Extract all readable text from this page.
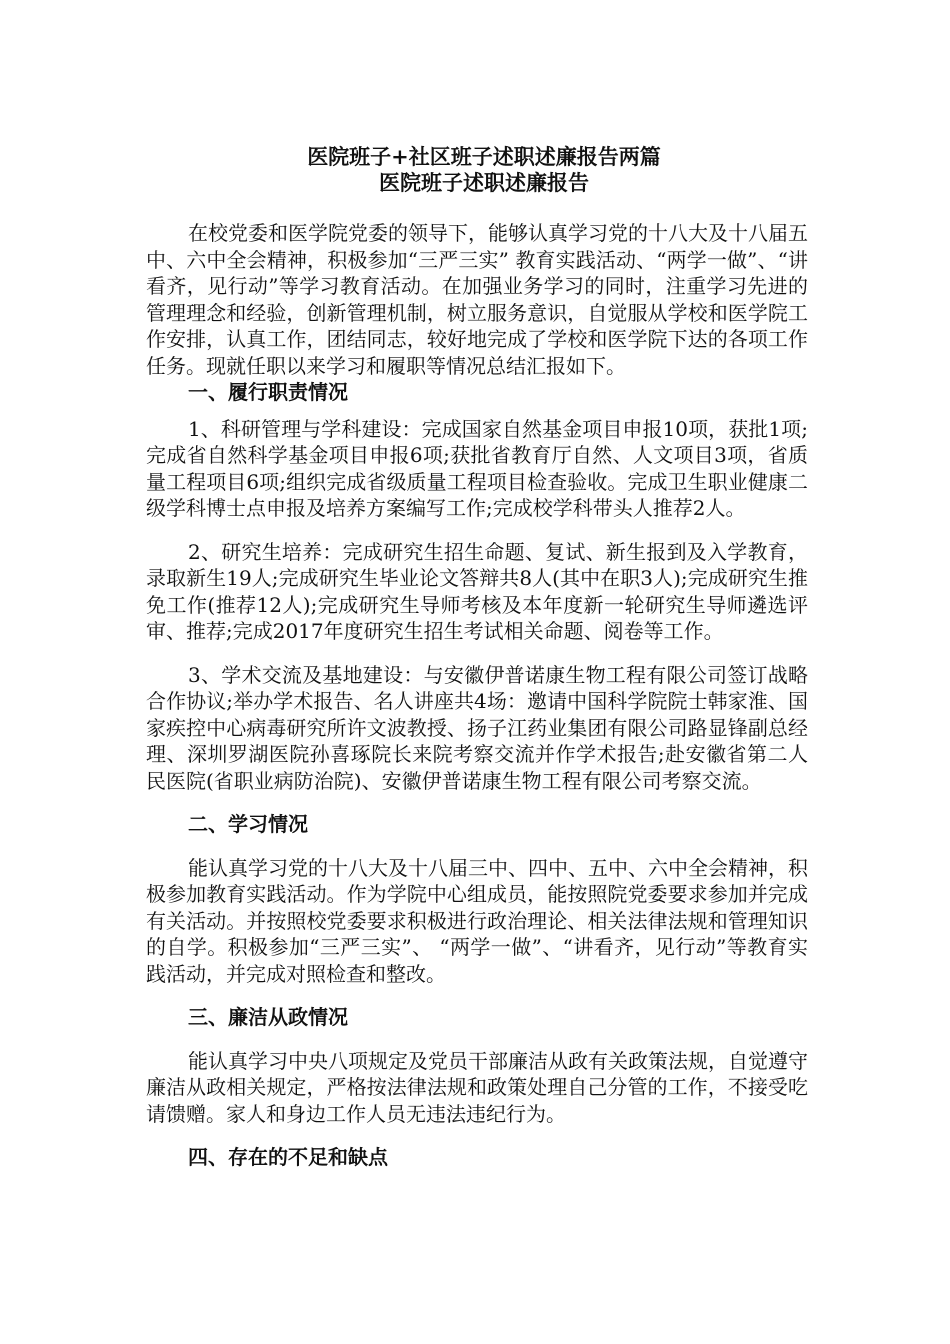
医院班子+社区班子述职述廉报告两篇
医院班子述职述廉报告

在校党委和医学院党委的领导下，能够认真学习党的十八大及十八届五中、六中全会精神，积极参加“三严三实” 教育实践活动、“两学一做”、“讲看齐，见行动”等学习教育活动。在加强业务学习的同时，注重学习先进的管理理念和经验，创新管理机制，树立服务意识，自觉服从学校和医学院工作安排，认真工作，团结同志，较好地完成了学校和医学院下达的各项工作任务。现就任职以来学习和履职等情况总结汇报如下。

一、履行职责情况

1、科研管理与学科建设：完成国家自然基金项目申报10项，获批1项;完成省自然科学基金项目申报6项;获批省教育厅自然、人文项目3项，省质量工程项目6项;组织完成省级质量工程项目检查验收。完成卫生职业健康二级学科博士点申报及培养方案编写工作;完成校学科带头人推荐2人。

2、研究生培养：完成研究生招生命题、复试、新生报到及入学教育，录取新生19人;完成研究生毕业论文答辩共8人(其中在职3人);完成研究生推免工作(推荐12人);完成研究生导师考核及本年度新一轮研究生导师遴选评审、推荐;完成2017年度研究生招生考试相关命题、阅卷等工作。

3、学术交流及基地建设：与安徽伊普诺康生物工程有限公司签订战略合作协议;举办学术报告、名人讲座共4场：邀请中国科学院院士韩家淮、国家疾控中心病毒研究所许文波教授、扬子江药业集团有限公司路显锋副总经理、深圳罗湖医院孙喜琢院长来院考察交流并作学术报告;赴安徽省第二人民医院(省职业病防治院)、安徽伊普诺康生物工程有限公司考察交流。

二、学习情况

能认真学习党的十八大及十八届三中、四中、五中、六中全会精神，积极参加教育实践活动。作为学院中心组成员，能按照院党委要求参加并完成有关活动。并按照校党委要求积极进行政治理论、相关法律法规和管理知识的自学。积极参加“三严三实”、 “两学一做”、“讲看齐，见行动”等教育实践活动，并完成对照检查和整改。

三、廉洁从政情况

能认真学习中央八项规定及党员干部廉洁从政有关政策法规，自觉遵守廉洁从政相关规定，严格按法律法规和政策处理自己分管的工作，不接受吃请馈赠。家人和身边工作人员无违法违纪行为。

四、存在的不足和缺点
